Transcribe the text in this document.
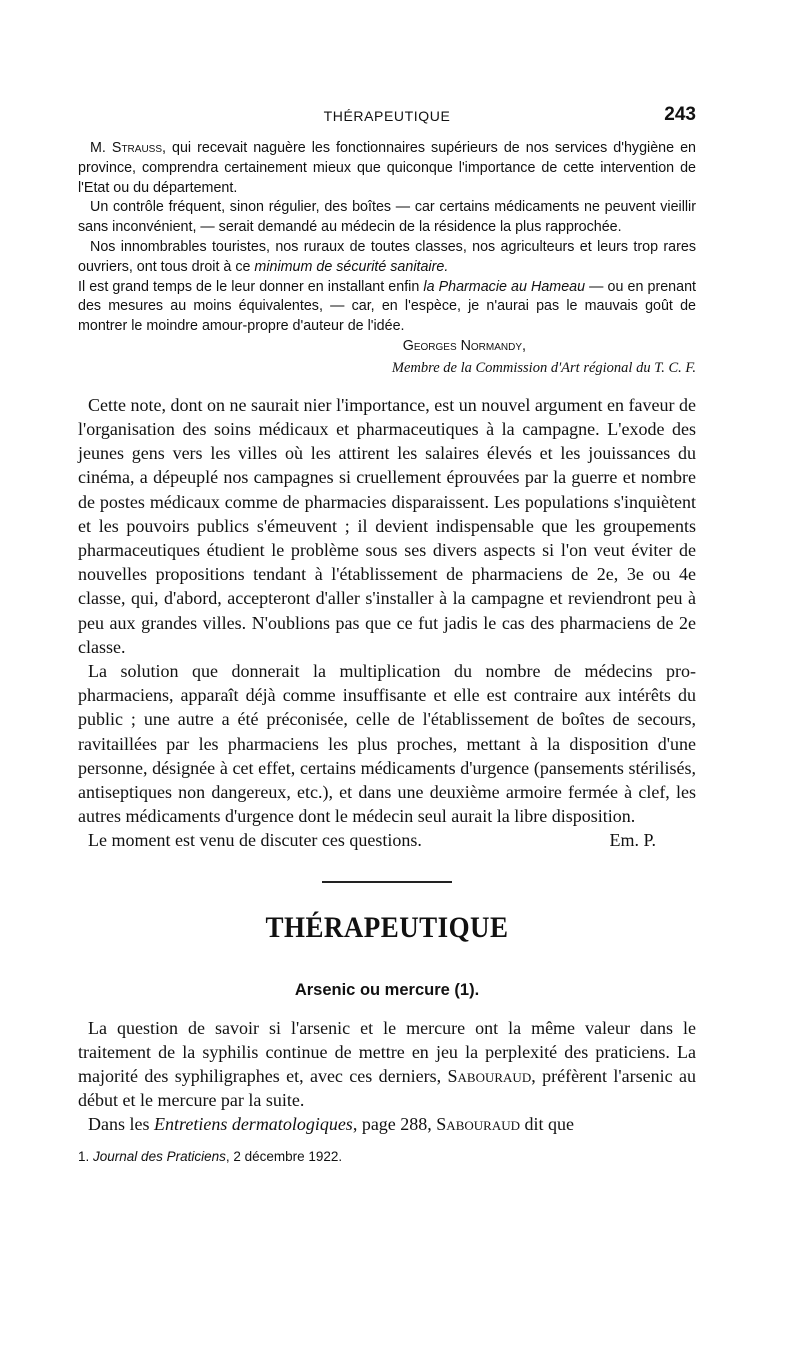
THÉRAPEUTIQUE	243

M. Strauss, qui recevait naguère les fonctionnaires supérieurs de nos services d'hygiène en province, comprendra certainement mieux que quiconque l'importance de cette intervention de l'Etat ou du département.

Un contrôle fréquent, sinon régulier, des boîtes — car certains médicaments ne peuvent vieillir sans inconvénient, — serait demandé au médecin de la résidence la plus rapprochée.

Nos innombrables touristes, nos ruraux de toutes classes, nos agriculteurs et leurs trop rares ouvriers, ont tous droit à ce minimum de sécurité sanitaire.

Il est grand temps de le leur donner en installant enfin la Pharmacie au Hameau — ou en prenant des mesures au moins équivalentes, — car, en l'espèce, je n'aurai pas le mauvais goût de montrer le moindre amour-propre d'auteur de l'idée.

Georges Normandy,
Membre de la Commission d'Art régional du T. C. F.

Cette note, dont on ne saurait nier l'importance, est un nouvel argument en faveur de l'organisation des soins médicaux et pharmaceutiques à la campagne. L'exode des jeunes gens vers les villes où les attirent les salaires élevés et les jouissances du cinéma, a dépeuplé nos campagnes si cruellement éprouvées par la guerre et nombre de postes médicaux comme de pharmacies disparaissent. Les populations s'inquiètent et les pouvoirs publics s'émeuvent ; il devient indispensable que les groupements pharmaceutiques étudient le problème sous ses divers aspects si l'on veut éviter de nouvelles propositions tendant à l'établissement de pharmaciens de 2e, 3e ou 4e classe, qui, d'abord, accepteront d'aller s'installer à la campagne et reviendront peu à peu aux grandes villes. N'oublions pas que ce fut jadis le cas des pharmaciens de 2e classe.

La solution que donnerait la multiplication du nombre de médecins pro-pharmaciens, apparaît déjà comme insuffisante et elle est contraire aux intérêts du public ; une autre a été préconisée, celle de l'établissement de boîtes de secours, ravitaillées par les pharmaciens les plus proches, mettant à la disposition d'une personne, désignée à cet effet, certains médicaments d'urgence (pansements stérilisés, antiseptiques non dangereux, etc.), et dans une deuxième armoire fermée à clef, les autres médicaments d'urgence dont le médecin seul aurait la libre disposition.

Le moment est venu de discuter ces questions.	Em. P.
THÉRAPEUTIQUE
Arsenic ou mercure (1).

La question de savoir si l'arsenic et le mercure ont la même valeur dans le traitement de la syphilis continue de mettre en jeu la perplexité des praticiens. La majorité des syphiligraphes et, avec ces derniers, Sabouraud, préfèrent l'arsenic au début et le mercure par la suite.

Dans les Entretiens dermatologiques, page 288, Sabouraud dit que

1. Journal des Praticiens, 2 décembre 1922.
